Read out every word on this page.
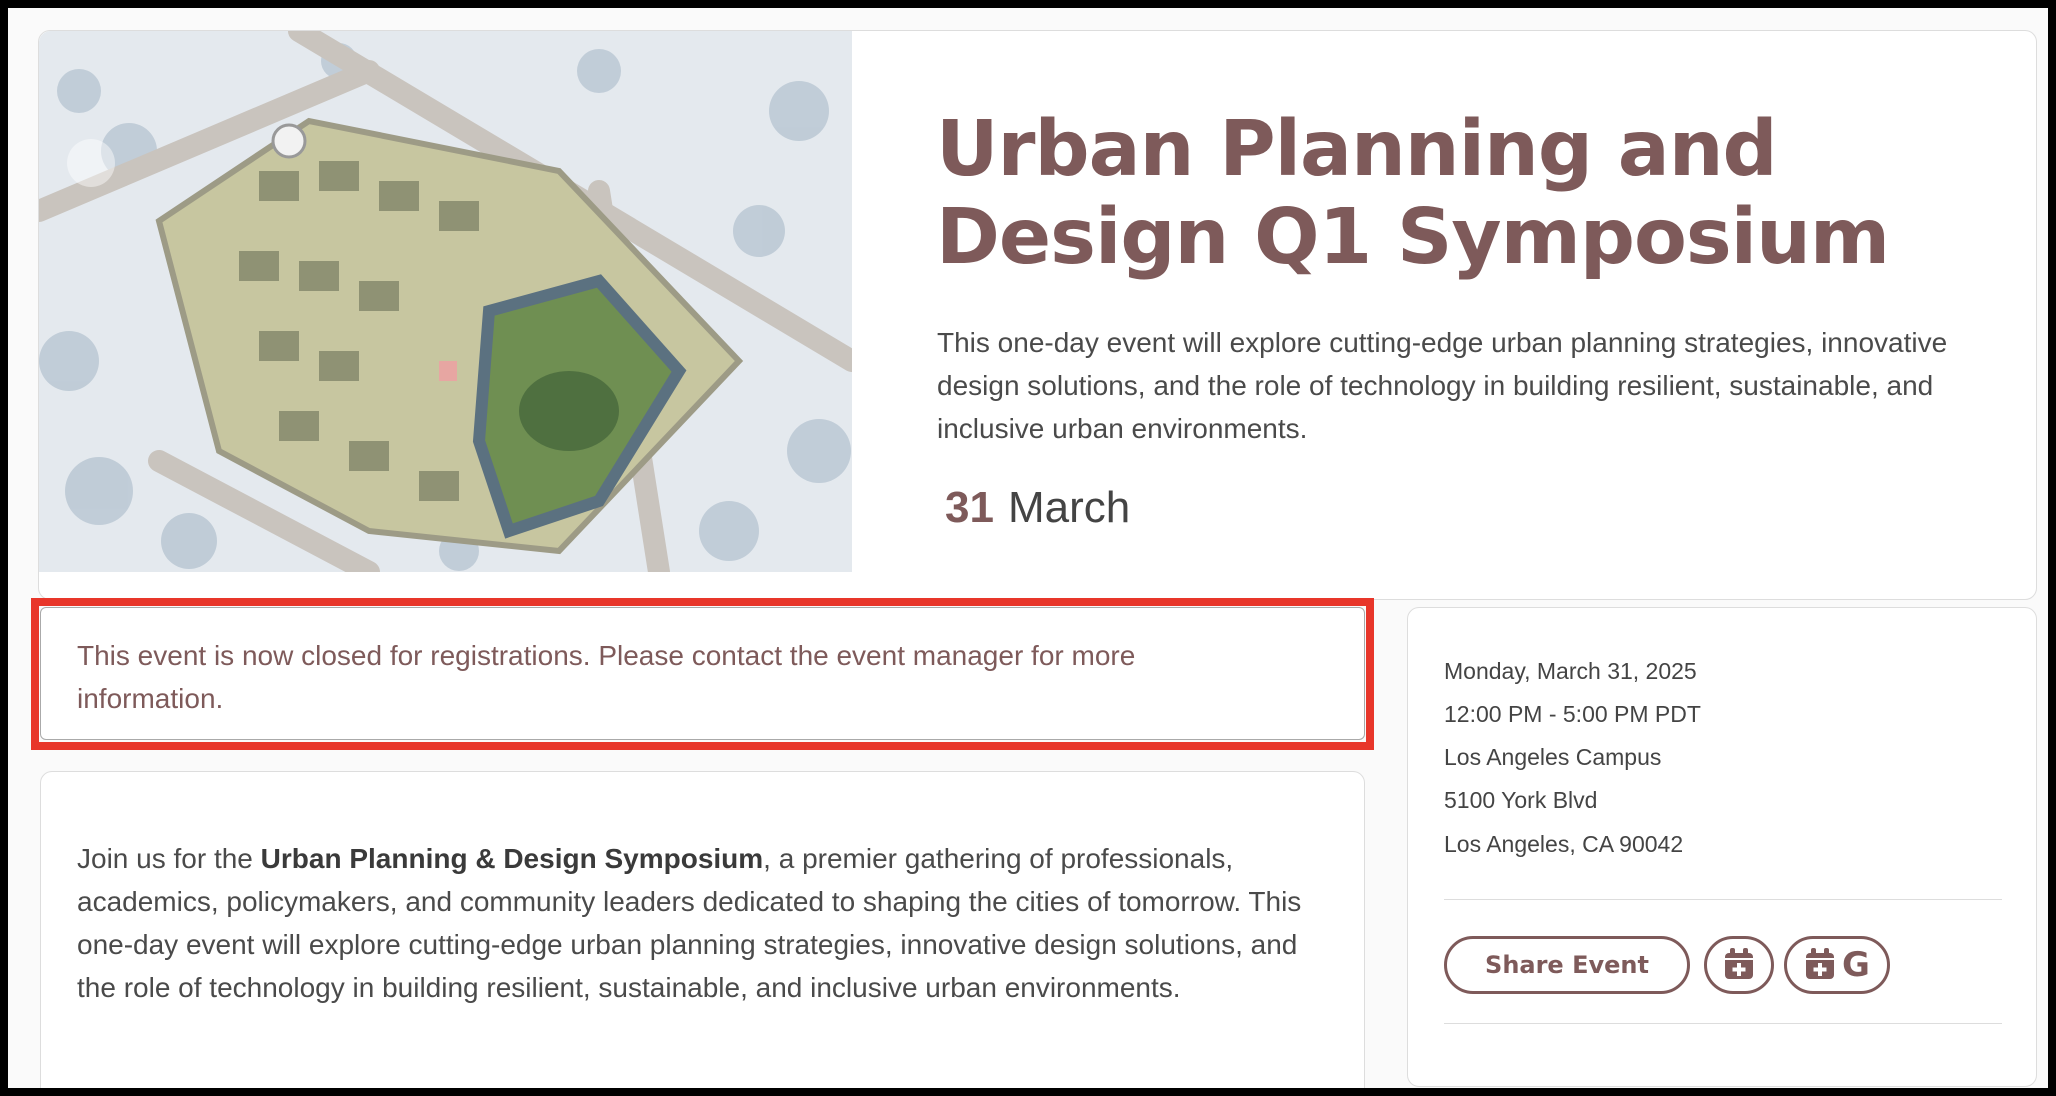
Urban Planning and Design Q1 Symposium

This one-day event will explore cutting-edge urban planning strategies, innovative design solutions, and the role of technology in building resilient, sustainable, and inclusive urban environments.

31 March

This event is now closed for registrations. Please contact the event manager for more information.

Join us for the Urban Planning & Design Symposium, a premier gathering of professionals, academics, policymakers, and community leaders dedicated to shaping the cities of tomorrow. This one-day event will explore cutting-edge urban planning strategies, innovative design solutions, and the role of technology in building resilient, sustainable, and inclusive urban environments.

Monday, March 31, 2025
12:00 PM - 5:00 PM PDT
Los Angeles Campus
5100 York Blvd
Los Angeles, CA 90042
Share Event	G
